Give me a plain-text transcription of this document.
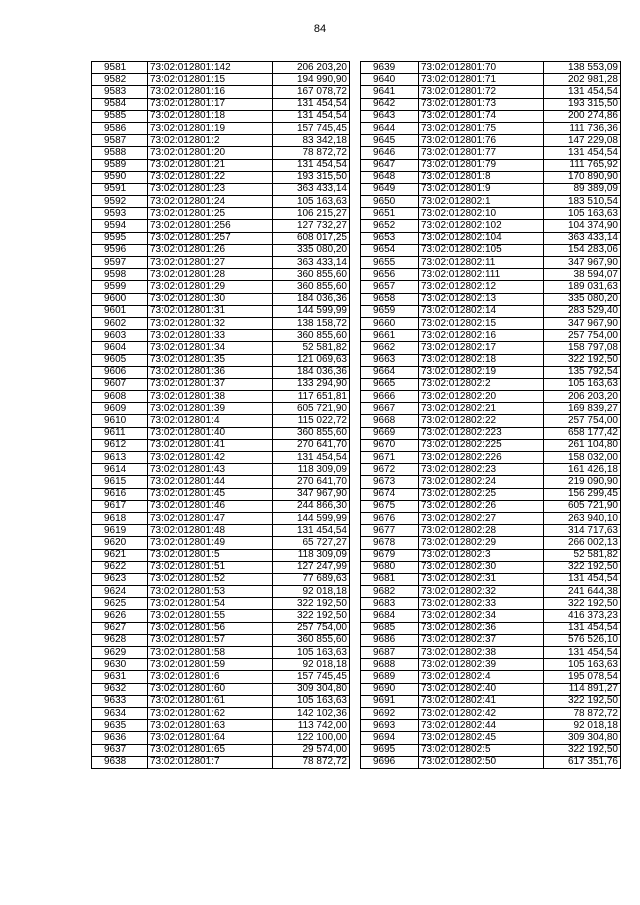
84
9581	73:02:012801:142	206 203,20
9582	73:02:012801:15	194 990,90
9583	73:02:012801:16	167 078,72
9584	73:02:012801:17	131 454,54
9585	73:02:012801:18	131 454,54
9586	73:02:012801:19	157 745,45
9587	73:02:012801:2	83 342,18
9588	73:02:012801:20	78 872,72
9589	73:02:012801:21	131 454,54
9590	73:02:012801:22	193 315,50
9591	73:02:012801:23	363 433,14
9592	73:02:012801:24	105 163,63
9593	73:02:012801:25	106 215,27
9594	73:02:012801:256	127 732,27
9595	73:02:012801:257	608 017,25
9596	73:02:012801:26	335 080,20
9597	73:02:012801:27	363 433,14
9598	73:02:012801:28	360 855,60
9599	73:02:012801:29	360 855,60
9600	73:02:012801:30	184 036,36
9601	73:02:012801:31	144 599,99
9602	73:02:012801:32	138 158,72
9603	73:02:012801:33	360 855,60
9604	73:02:012801:34	52 581,82
9605	73:02:012801:35	121 069,63
9606	73:02:012801:36	184 036,36
9607	73:02:012801:37	133 294,90
9608	73:02:012801:38	117 651,81
9609	73:02:012801:39	605 721,90
9610	73:02:012801:4	115 022,72
9611	73:02:012801:40	360 855,60
9612	73:02:012801:41	270 641,70
9613	73:02:012801:42	131 454,54
9614	73:02:012801:43	118 309,09
9615	73:02:012801:44	270 641,70
9616	73:02:012801:45	347 967,90
9617	73:02:012801:46	244 866,30
9618	73:02:012801:47	144 599,99
9619	73:02:012801:48	131 454,54
9620	73:02:012801:49	65 727,27
9621	73:02:012801:5	118 309,09
9622	73:02:012801:51	127 247,99
9623	73:02:012801:52	77 689,63
9624	73:02:012801:53	92 018,18
9625	73:02:012801:54	322 192,50
9626	73:02:012801:55	322 192,50
9627	73:02:012801:56	257 754,00
9628	73:02:012801:57	360 855,60
9629	73:02:012801:58	105 163,63
9630	73:02:012801:59	92 018,18
9631	73:02:012801:6	157 745,45
9632	73:02:012801:60	309 304,80
9633	73:02:012801:61	105 163,63
9634	73:02:012801:62	142 102,36
9635	73:02:012801:63	113 742,00
9636	73:02:012801:64	122 100,00
9637	73:02:012801:65	29 574,00
9638	73:02:012801:7	78 872,72
9639	73:02:012801:70	138 553,09
9640	73:02:012801:71	202 981,28
9641	73:02:012801:72	131 454,54
9642	73:02:012801:73	193 315,50
9643	73:02:012801:74	200 274,86
9644	73:02:012801:75	111 736,36
9645	73:02:012801:76	147 229,08
9646	73:02:012801:77	131 454,54
9647	73:02:012801:79	111 765,92
9648	73:02:012801:8	170 890,90
9649	73:02:012801:9	89 389,09
9650	73:02:012802:1	183 510,54
9651	73:02:012802:10	105 163,63
9652	73:02:012802:102	104 374,90
9653	73:02:012802:104	363 433,14
9654	73:02:012802:105	154 283,06
9655	73:02:012802:11	347 967,90
9656	73:02:012802:111	38 594,07
9657	73:02:012802:12	189 031,63
9658	73:02:012802:13	335 080,20
9659	73:02:012802:14	283 529,40
9660	73:02:012802:15	347 967,90
9661	73:02:012802:16	257 754,00
9662	73:02:012802:17	158 797,08
9663	73:02:012802:18	322 192,50
9664	73:02:012802:19	135 792,54
9665	73:02:012802:2	105 163,63
9666	73:02:012802:20	206 203,20
9667	73:02:012802:21	169 839,27
9668	73:02:012802:22	257 754,00
9669	73:02:012802:223	658 177,42
9670	73:02:012802:225	261 104,80
9671	73:02:012802:226	158 032,00
9672	73:02:012802:23	161 426,18
9673	73:02:012802:24	219 090,90
9674	73:02:012802:25	156 299,45
9675	73:02:012802:26	605 721,90
9676	73:02:012802:27	263 940,10
9677	73:02:012802:28	314 717,63
9678	73:02:012802:29	266 002,13
9679	73:02:012802:3	52 581,82
9680	73:02:012802:30	322 192,50
9681	73:02:012802:31	131 454,54
9682	73:02:012802:32	241 644,38
9683	73:02:012802:33	322 192,50
9684	73:02:012802:34	416 373,23
9685	73:02:012802:36	131 454,54
9686	73:02:012802:37	576 526,10
9687	73:02:012802:38	131 454,54
9688	73:02:012802:39	105 163,63
9689	73:02:012802:4	195 078,54
9690	73:02:012802:40	114 891,27
9691	73:02:012802:41	322 192,50
9692	73:02:012802:42	78 872,72
9693	73:02:012802:44	92 018,18
9694	73:02:012802:45	309 304,80
9695	73:02:012802:5	322 192,50
9696	73:02:012802:50	617 351,76
